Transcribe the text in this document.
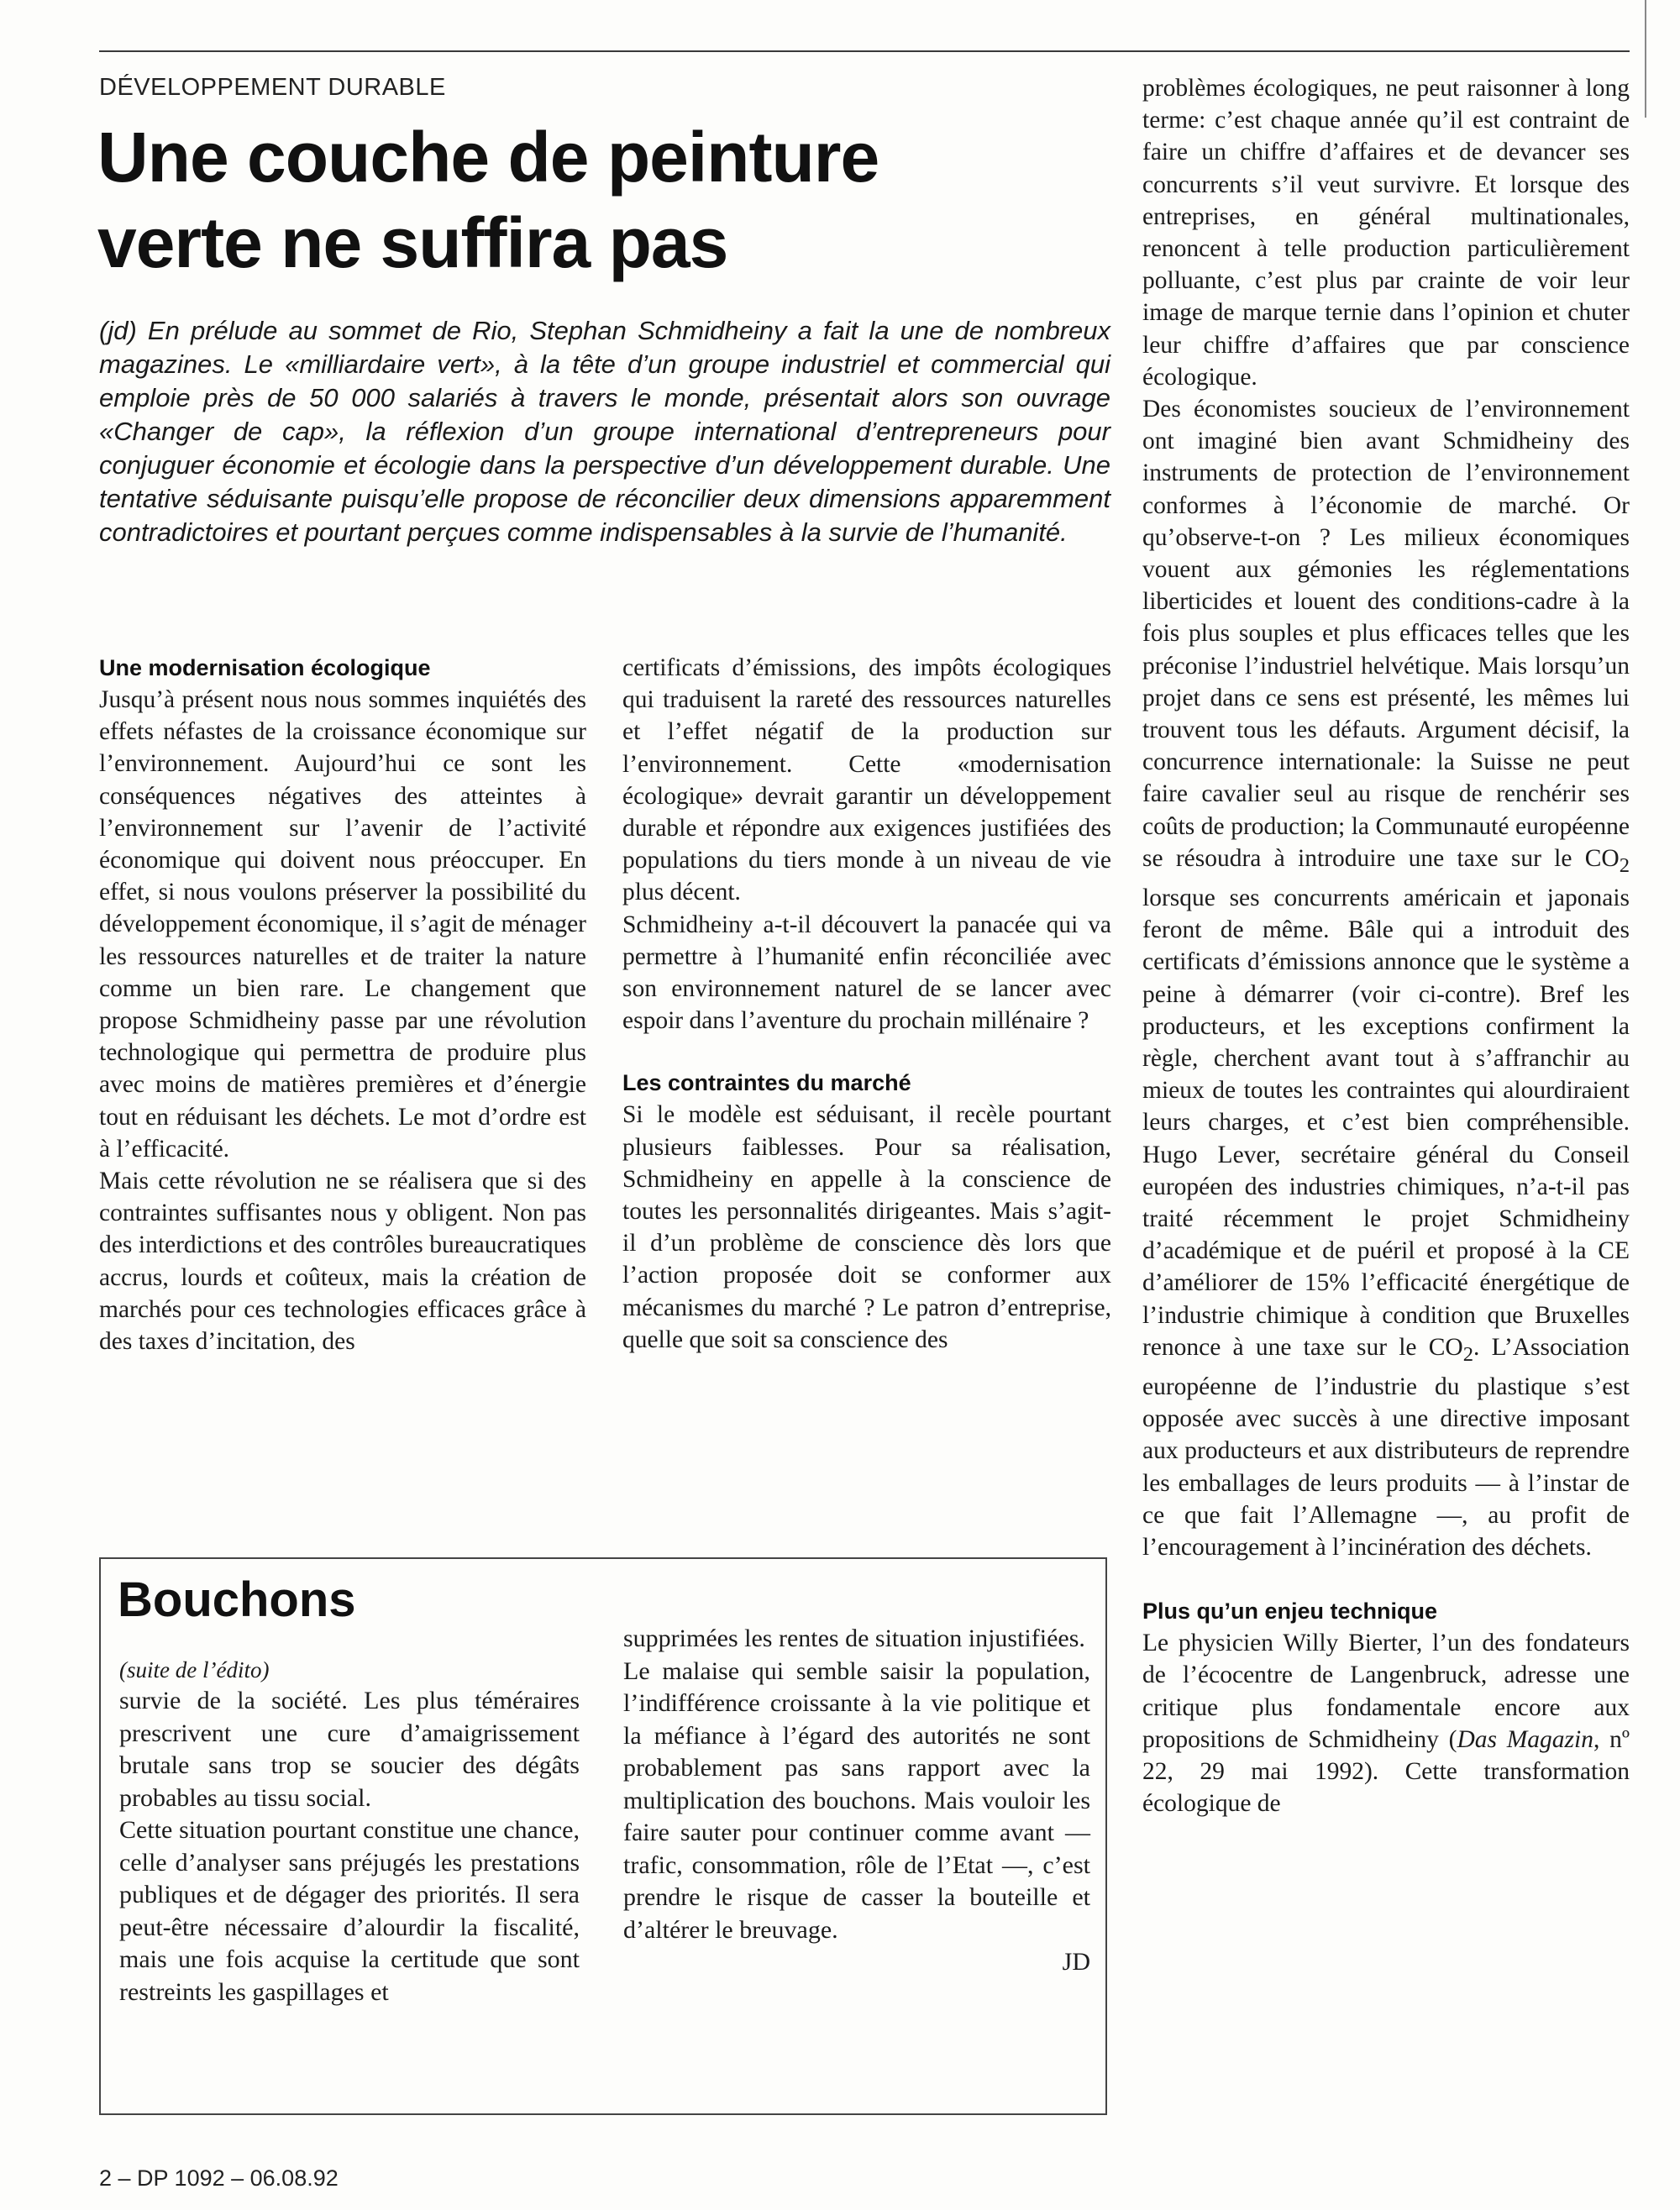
DÉVELOPPEMENT DURABLE
Une couche de peinture
verte ne suffira pas
(jd) En prélude au sommet de Rio, Stephan Schmidheiny a fait la une de nombreux magazines. Le «milliardaire vert», à la tête d’un groupe industriel et commercial qui emploie près de 50 000 salariés à travers le monde, présentait alors son ouvrage «Changer de cap», la réflexion d’un groupe international d’entrepreneurs pour conjuguer économie et écologie dans la perspective d’un développement durable. Une tentative séduisante puisqu’elle propose de réconcilier deux dimensions apparemment contradictoires et pourtant perçues comme indispensables à la survie de l’humanité.
Une modernisation écologique

Jusqu’à présent nous nous sommes inquiétés des effets néfastes de la croissance économique sur l’environnement. Aujourd’hui ce sont les conséquences négatives des atteintes à l’environnement sur l’avenir de l’activité économique qui doivent nous préoccuper. En effet, si nous voulons préserver la possibilité du développement économique, il s’agit de ménager les ressources naturelles et de traiter la nature comme un bien rare. Le changement que propose Schmidheiny passe par une révolution technologique qui permettra de produire plus avec moins de matières premières et d’énergie tout en réduisant les déchets. Le mot d’ordre est à l’efficacité.

Mais cette révolution ne se réalisera que si des contraintes suffisantes nous y obligent. Non pas des interdictions et des contrôles bureaucratiques accrus, lourds et coûteux, mais la création de marchés pour ces technologies efficaces grâce à des taxes d’incitation, des

certificats d’émissions, des impôts écologiques qui traduisent la rareté des ressources naturelles et l’effet négatif de la production sur l’environnement. Cette «modernisation écologique» devrait garantir un développement durable et répondre aux exigences justifiées des populations du tiers monde à un niveau de vie plus décent.

Schmidheiny a-t-il découvert la panacée qui va permettre à l’humanité enfin réconciliée avec son environnement naturel de se lancer avec espoir dans l’aventure du prochain millénaire ?

Les contraintes du marché

Si le modèle est séduisant, il recèle pourtant plusieurs faiblesses. Pour sa réalisation, Schmidheiny en appelle à la conscience de toutes les personnalités dirigeantes. Mais s’agit-il d’un problème de conscience dès lors que l’action proposée doit se conformer aux mécanismes du marché ? Le patron d’entreprise, quelle que soit sa conscience des

problèmes écologiques, ne peut raisonner à long terme: c’est chaque année qu’il est contraint de faire un chiffre d’affaires et de devancer ses concurrents s’il veut survivre. Et lorsque des entreprises, en général multinationales, renoncent à telle production particulièrement polluante, c’est plus par crainte de voir leur image de marque ternie dans l’opinion et chuter leur chiffre d’affaires que par conscience écologique.

Des économistes soucieux de l’environnement ont imaginé bien avant Schmidheiny des instruments de protection de l’environnement conformes à l’économie de marché. Or qu’observe-t-on ? Les milieux économiques vouent aux gémonies les réglementations liberticides et louent des conditions-cadre à la fois plus souples et plus efficaces telles que les préconise l’industriel helvétique. Mais lorsqu’un projet dans ce sens est présenté, les mêmes lui trouvent tous les défauts. Argument décisif, la concurrence internationale: la Suisse ne peut faire cavalier seul au risque de renchérir ses coûts de production; la Communauté européenne se résoudra à introduire une taxe sur le $CO_2$ lorsque ses concurrents américain et japonais feront de même. Bâle qui a introduit des certificats d’émissions annonce que le système a peine à démarrer (voir ci-contre). Bref les producteurs, et les exceptions confirment la règle, cherchent avant tout à s’affranchir au mieux de toutes les contraintes qui alourdiraient leurs charges, et c’est bien compréhensible. Hugo Lever, secrétaire général du Conseil européen des industries chimiques, n’a-t-il pas traité récemment le projet Schmidheiny d’académique et de puéril et proposé à la CE d’améliorer de 15% l’efficacité énergétique de l’industrie chimique à condition que Bruxelles renonce à une taxe sur le $CO_2$. L’Association européenne de l’industrie du plastique s’est opposée avec succès à une directive imposant aux producteurs et aux distributeurs de reprendre les emballages de leurs produits — à l’instar de ce que fait l’Allemagne —, au profit de l’encouragement à l’incinération des déchets.

Plus qu’un enjeu technique

Le physicien Willy Bierter, l’un des fondateurs de l’écocentre de Langenbruck, adresse une critique plus fondamentale encore aux propositions de Schmidheiny (Das Magazin, nº 22, 29 mai 1992). Cette transformation écologique de

Bouchons

(suite de l’édito)

survie de la société. Les plus téméraires prescrivent une cure d’amaigrissement brutale sans trop se soucier des dégâts probables au tissu social.

Cette situation pourtant constitue une chance, celle d’analyser sans préjugés les prestations publiques et de dégager des priorités. Il sera peut-être nécessaire d’alourdir la fiscalité, mais une fois acquise la certitude que sont restreints les gaspillages et

supprimées les rentes de situation injustifiées.

Le malaise qui semble saisir la population, l’indifférence croissante à la vie politique et la méfiance à l’égard des autorités ne sont probablement pas sans rapport avec la multiplication des bouchons. Mais vouloir les faire sauter pour continuer comme avant — trafic, consommation, rôle de l’Etat —, c’est prendre le risque de casser la bouteille et d’altérer le breuvage.

JD

2 – DP 1092 – 06.08.92
